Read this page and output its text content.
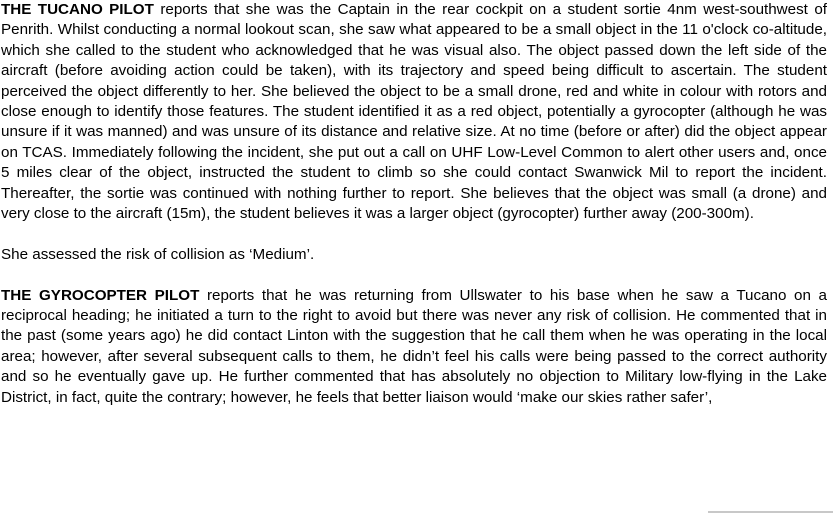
THE TUCANO PILOT reports that she was the Captain in the rear cockpit on a student sortie 4nm west-southwest of Penrith. Whilst conducting a normal lookout scan, she saw what appeared to be a small object in the 11 o'clock co-altitude, which she called to the student who acknowledged that he was visual also. The object passed down the left side of the aircraft (before avoiding action could be taken), with its trajectory and speed being difficult to ascertain. The student perceived the object differently to her. She believed the object to be a small drone, red and white in colour with rotors and close enough to identify those features. The student identified it as a red object, potentially a gyrocopter (although he was unsure if it was manned) and was unsure of its distance and relative size. At no time (before or after) did the object appear on TCAS. Immediately following the incident, she put out a call on UHF Low-Level Common to alert other users and, once 5 miles clear of the object, instructed the student to climb so she could contact Swanwick Mil to report the incident. Thereafter, the sortie was continued with nothing further to report. She believes that the object was small (a drone) and very close to the aircraft (15m), the student believes it was a larger object (gyrocopter) further away (200-300m).

She assessed the risk of collision as ‘Medium’.

THE GYROCOPTER PILOT reports that he was returning from Ullswater to his base when he saw a Tucano on a reciprocal heading; he initiated a turn to the right to avoid but there was never any risk of collision. He commented that in the past (some years ago) he did contact Linton with the suggestion that he call them when he was operating in the local area; however, after several subsequent calls to them, he didn’t feel his calls were being passed to the correct authority and so he eventually gave up. He further commented that has absolutely no objection to Military low-flying in the Lake District, in fact, quite the contrary; however, he feels that better liaison would ‘make our skies rather safer’,
